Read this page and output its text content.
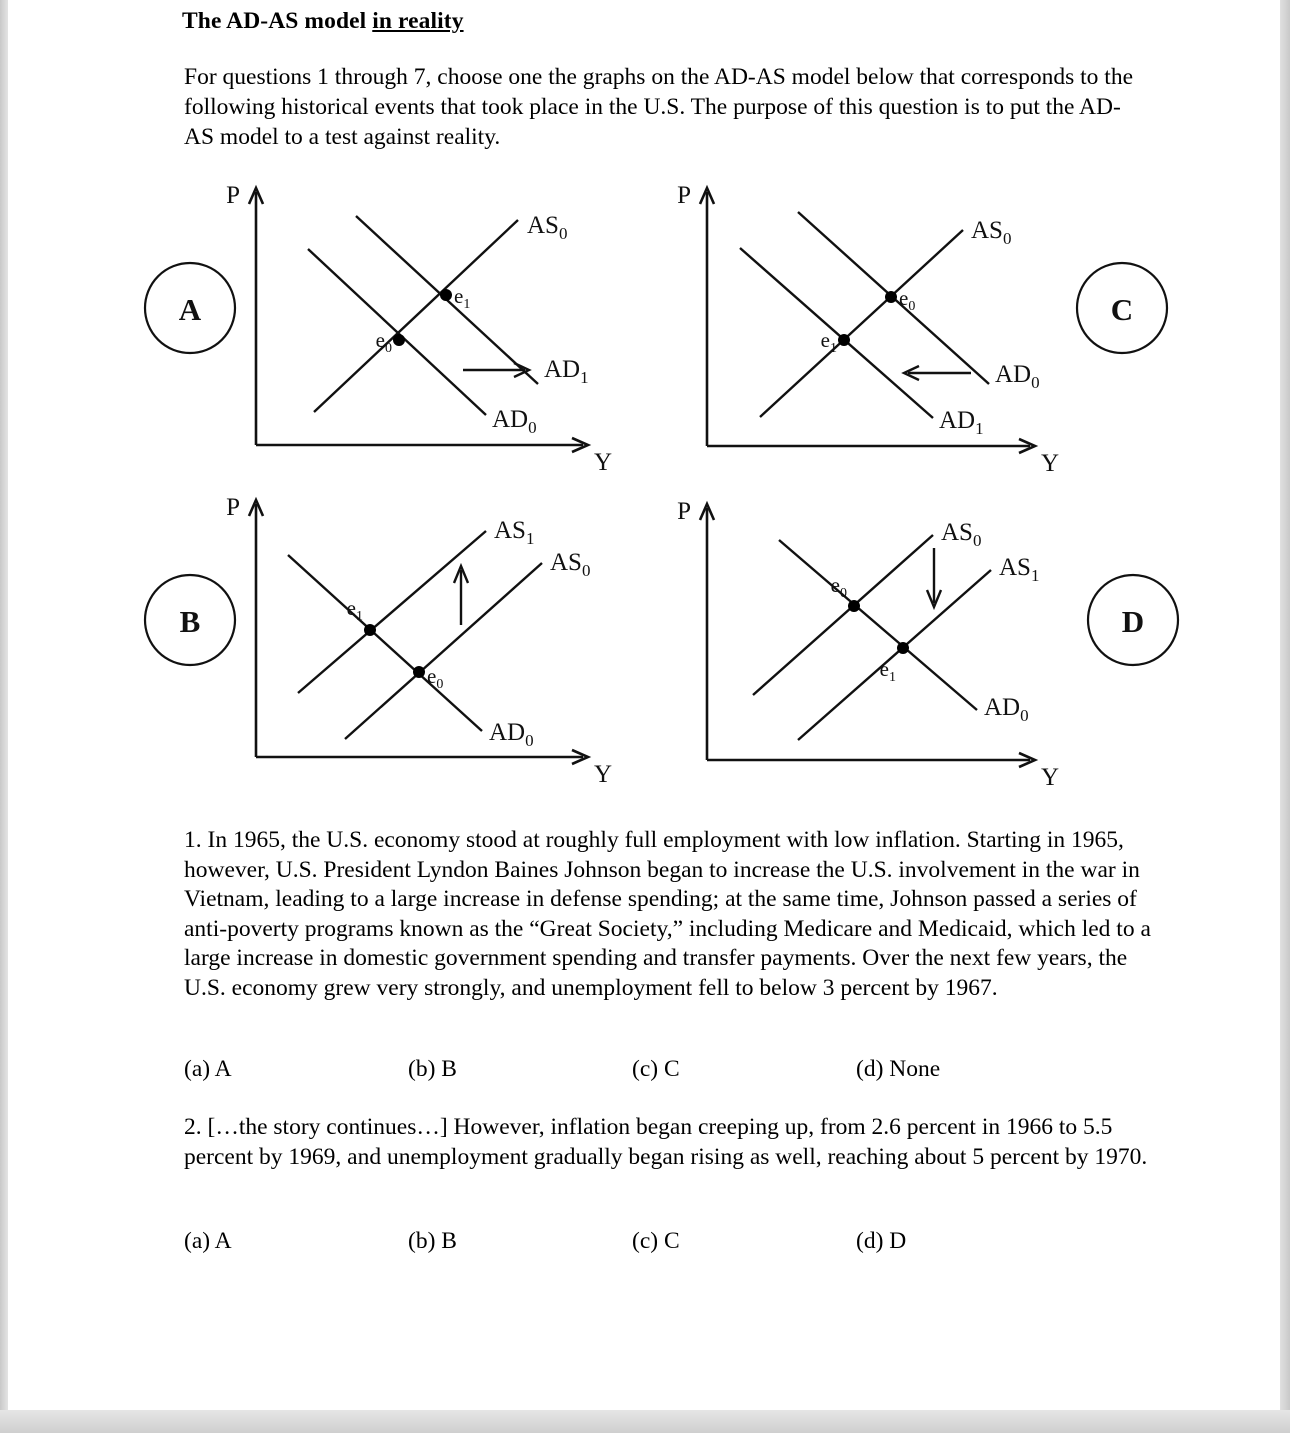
The AD-AS model in reality
For questions 1 through 7, choose one the graphs on the AD-AS model below that corresponds to the following historical events that took place in the U.S. The purpose of this question is to put the AD-AS model to a test against reality.
A
P
Y
$AS_0$
$AD_0$
$AD_1$
$e_0$
$e_1$	C
P
Y
$AS_0$
$AD_0$
$AD_1$
$e_0$
$e_1$
B
P
Y
$AS_1$
$AS_0$
$AD_0$
$e_1$
$e_0$
D
P
Y
$AS_0$
$AS_1$
$AD_0$
$e_0$
$e_1$
1. In 1965, the U.S. economy stood at roughly full employment with low inflation. Starting in 1965, however, U.S. President Lyndon Baines Johnson began to increase the U.S. involvement in the war in Vietnam, leading to a large increase in defense spending; at the same time, Johnson passed a series of anti-poverty programs known as the “Great Society,” including Medicare and Medicaid, which led to a large increase in domestic government spending and transfer payments. Over the next few years, the U.S. economy grew very strongly, and unemployment fell to below 3 percent by 1967.
(a) A	(b) B	(c) C	(d) None
2. […the story continues…] However, inflation began creeping up, from 2.6 percent in 1966 to 5.5 percent by 1969, and unemployment gradually began rising as well, reaching about 5 percent by 1970.
(a) A	(b) B	(c) C	(d) D
